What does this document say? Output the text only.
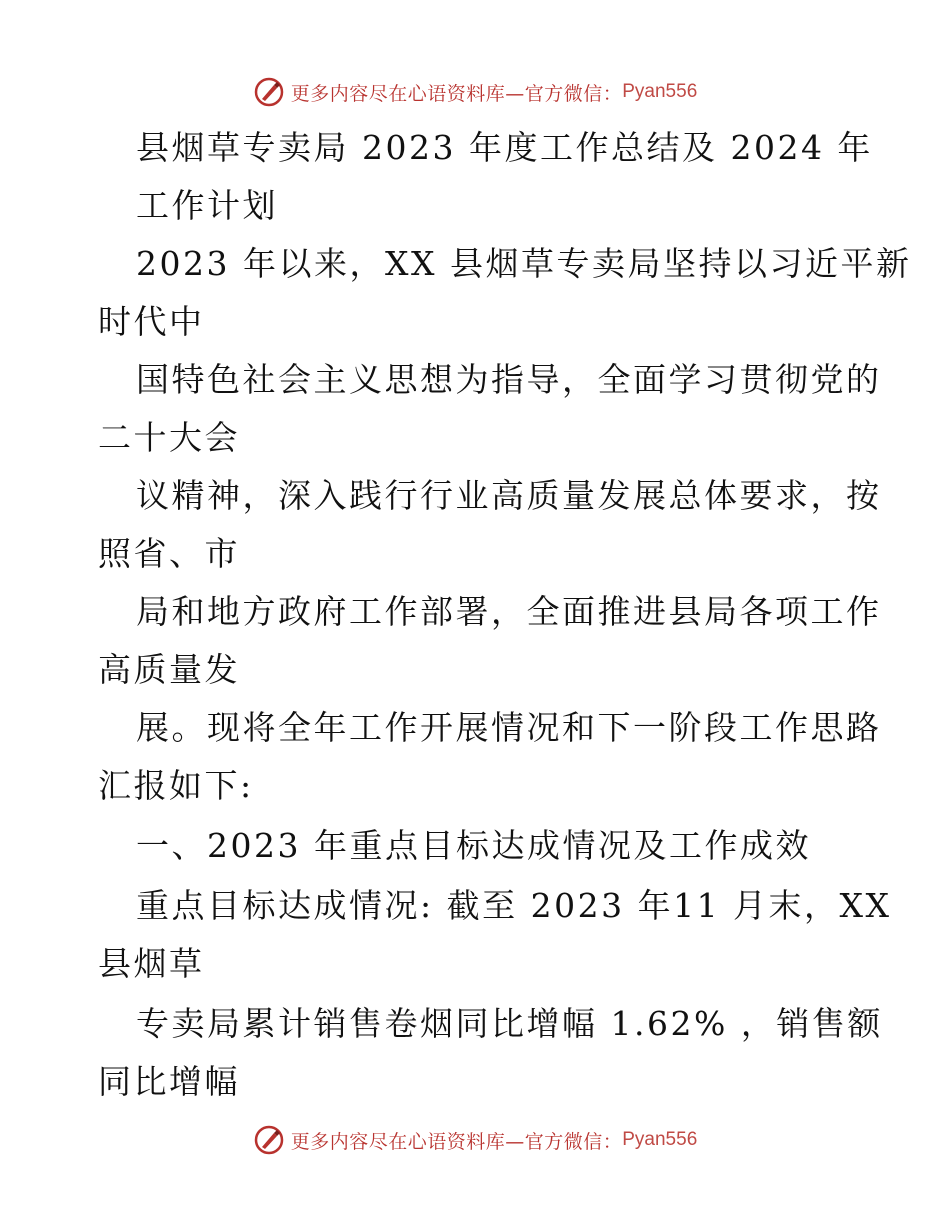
更多内容尽在心语资料库—官方微信： Pyan556
县烟草专卖局 2023 年度工作总结及 2024 年
工作计划
2023 年以来，XX 县烟草专卖局坚持以习近平新
时代中
国特色社会主义思想为指导，全面学习贯彻党的
二十大会
议精神，深入践行行业高质量发展总体要求，按
照省、市
局和地方政府工作部署，全面推进县局各项工作
高质量发
展。现将全年工作开展情况和下一阶段工作思路
汇报如下:
一、2023 年重点目标达成情况及工作成效
重点目标达成情况: 截至 2023 年11 月末，XX
县烟草
专卖局累计销售卷烟同比增幅 1.62% ，销售额
同比增幅
更多内容尽在心语资料库—官方微信： Pyan556
